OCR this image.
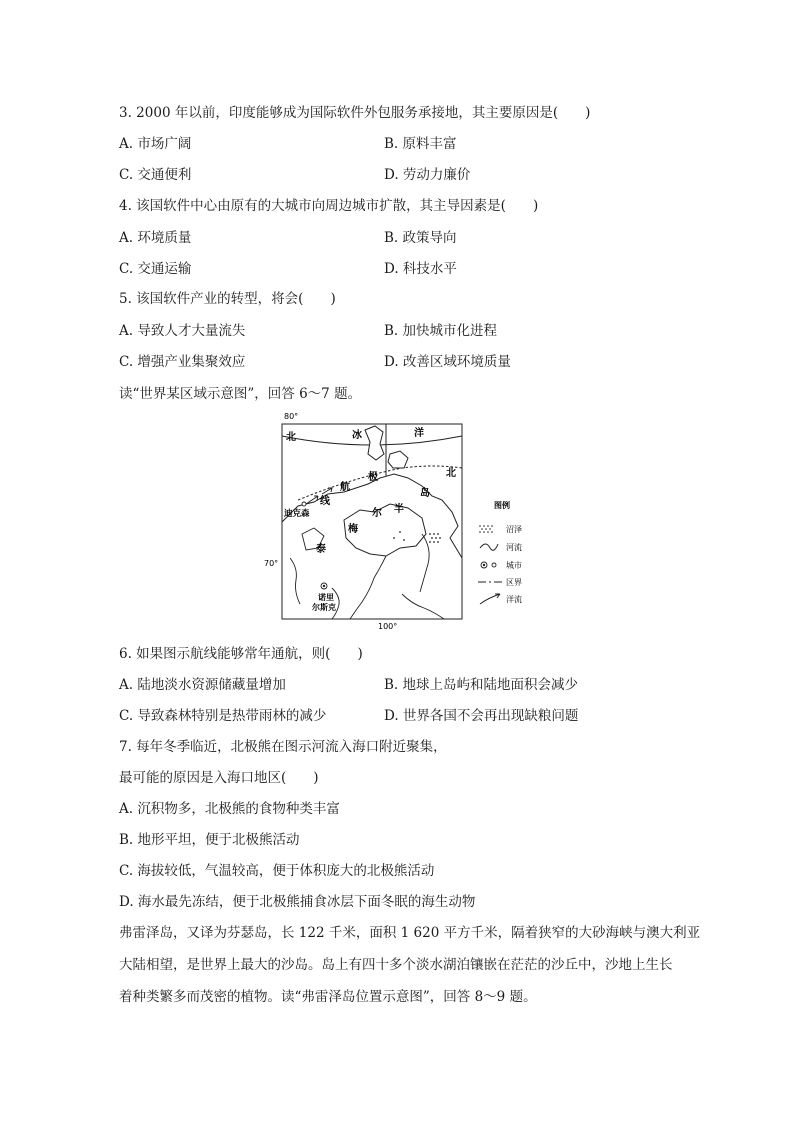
3. 2000 年以前，印度能够成为国际软件外包服务承接地，其主要原因是(　　)
A. 市场广阔	B. 原料丰富
C. 交通便利	D. 劳动力廉价
4. 该国软件中心由原有的大城市向周边城市扩散，其主导因素是(　　)
A. 环境质量	B. 政策导向
C. 交通运输	D. 科技水平
5. 该国软件产业的转型，将会(　　)
A. 导致人才大量流失	B. 加快城市化进程
C. 增强产业集聚效应	D. 改善区域环境质量
读“世界某区域示意图”，回答 6～7 题。
80°
70°
100°
北	冰	洋
北
极
航
线
泰
梅
尔 半
岛
迪克森
诺里
尔斯克
图例
沼泽
河流
城市
区界
洋流
6. 如果图示航线能够常年通航，则(　　)
A. 陆地淡水资源储藏量增加	B. 地球上岛屿和陆地面积会减少
C. 导致森林特别是热带雨林的减少	D. 世界各国不会再出现缺粮问题
7. 每年冬季临近，北极熊在图示河流入海口附近聚集，
最可能的原因是入海口地区(　　)
A. 沉积物多，北极熊的食物种类丰富
B. 地形平坦，便于北极熊活动
C. 海拔较低，气温较高，便于体积庞大的北极熊活动
D. 海水最先冻结，便于北极熊捕食冰层下面冬眠的海生动物
弗雷泽岛，又译为芬瑟岛，长 122 千米，面积 1 620 平方千米，隔着狭窄的大砂海峡与澳大利亚
大陆相望，是世界上最大的沙岛。岛上有四十多个淡水湖泊镶嵌在茫茫的沙丘中，沙地上生长
着种类繁多而茂密的植物。读“弗雷泽岛位置示意图”，回答 8～9 题。
